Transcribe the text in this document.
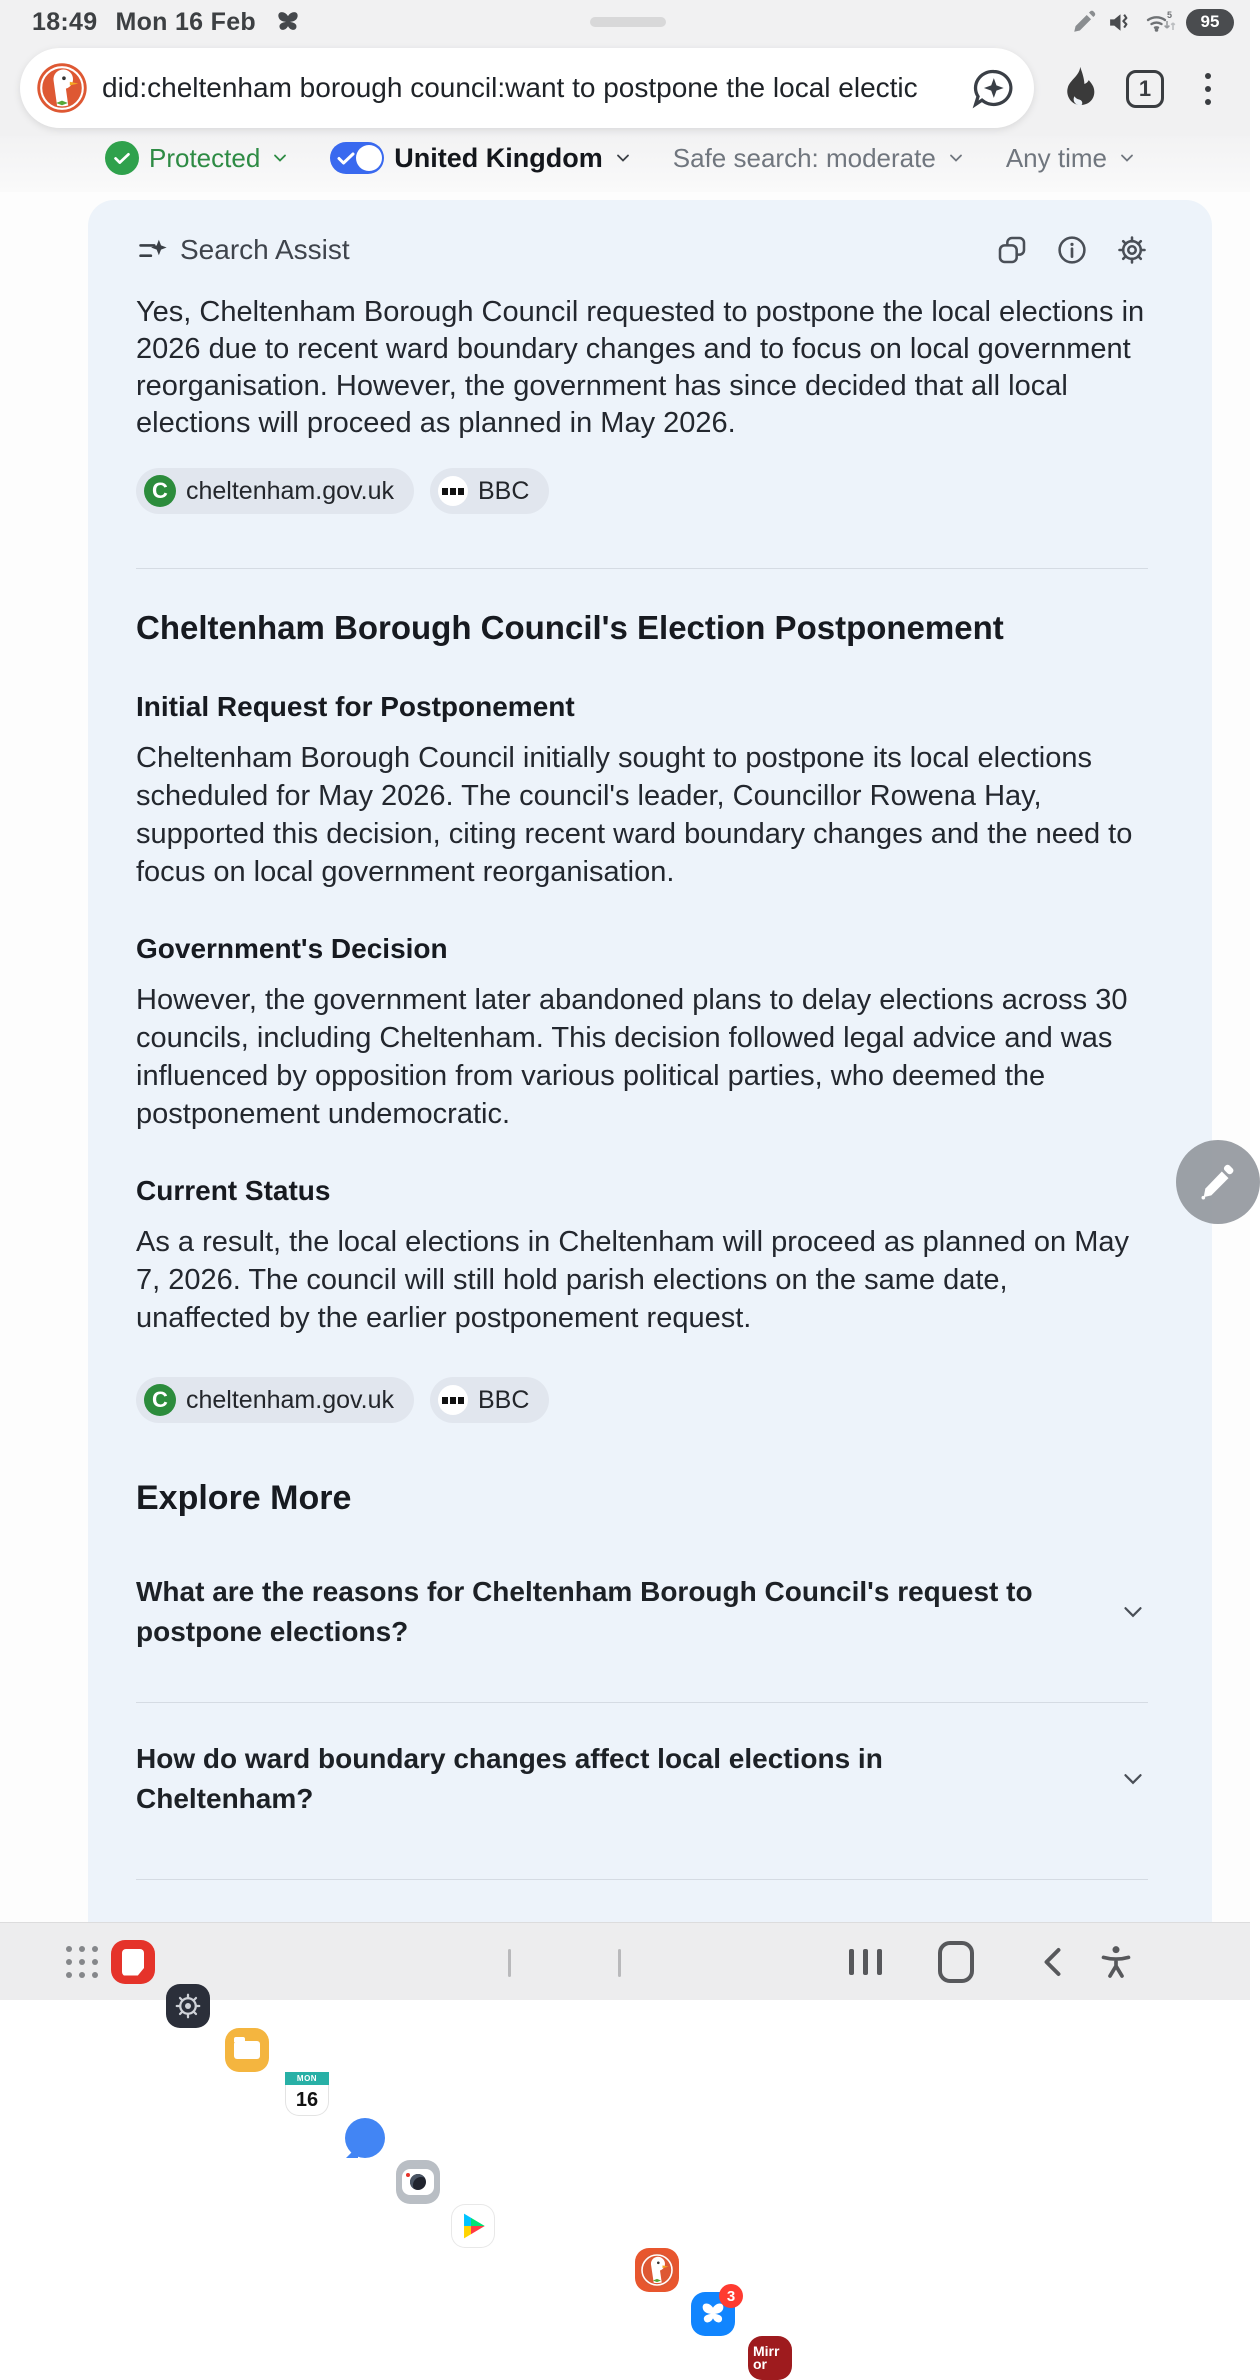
18:49 Mon 16 Feb	5	95
did:cheltenham borough council:want to postpone the local electic	1
Protected	United Kingdom	Safe search: moderate	Any time
Search Assist
Yes, Cheltenham Borough Council requested to postpone the local elections in 2026 due to recent ward boundary changes and to focus on local government reorganisation. However, the government has since decided that all local elections will proceed as planned in May 2026.
C cheltenham.gov.uk	BBC
Cheltenham Borough Council's Election Postponement
Initial Request for Postponement
Cheltenham Borough Council initially sought to postpone its local elections scheduled for May 2026. The council's leader, Councillor Rowena Hay, supported this decision, citing recent ward boundary changes and the need to focus on local government reorganisation.
Government's Decision
However, the government later abandoned plans to delay elections across 30 councils, including Cheltenham. This decision followed legal advice and was influenced by opposition from various political parties, who deemed the postponement undemocratic.
Current Status
As a result, the local elections in Cheltenham will proceed as planned on May 7, 2026. The council will still hold parish elections on the same date, unaffected by the earlier postponement request.
C cheltenham.gov.uk	BBC
Explore More
What are the reasons for Cheltenham Borough Council's request to postpone elections?
How do ward boundary changes affect local elections in Cheltenham?
MON
16
3
Mirr
or
